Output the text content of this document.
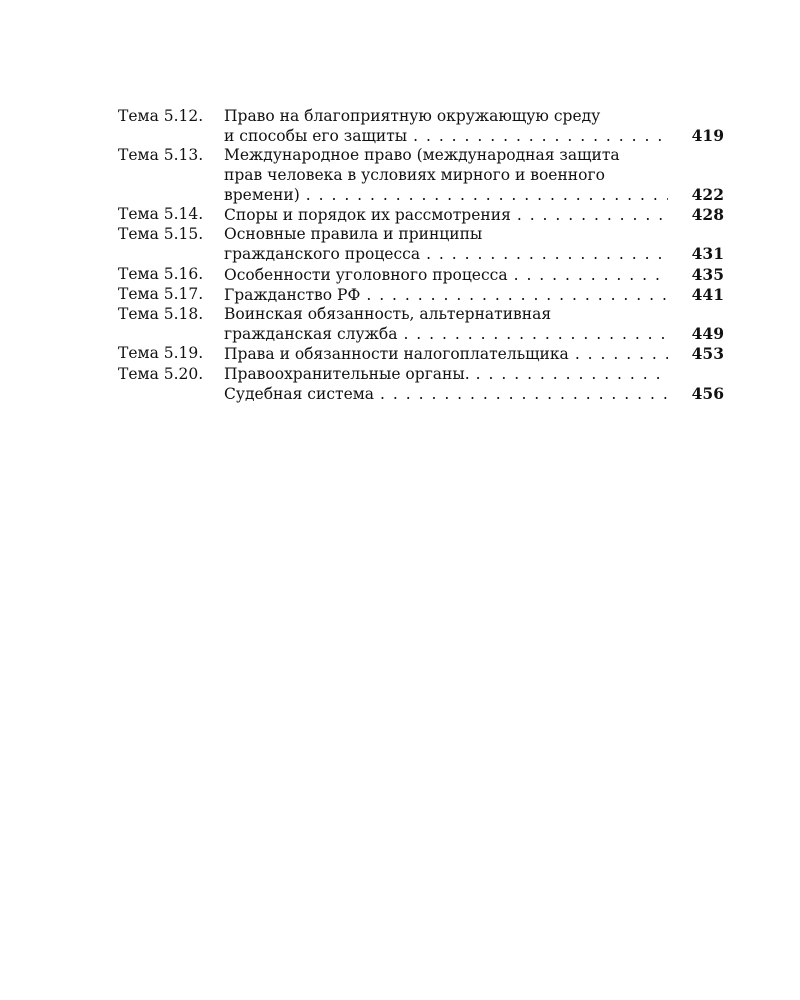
Тема 5.12.	Право на благоприятную окружающую среду
и способы его защиты . . .	419
Тема 5.13.	Международное право (международная защита
прав человека в условиях мирного и военного
времени) . . .	422
Тема 5.14.	Споры и порядок их рассмотрения . . .	428
Тема 5.15.	Основные правила и принципы
гражданского процесса . . .	431
Тема 5.16.	Особенности уголовного процесса . . .	435
Тема 5.17.	Гражданство РФ . . .	441
Тема 5.18.	Воинская обязанность, альтернативная
гражданская служба . . .	449
Тема 5.19.	Права и обязанности налогоплательщика . . .	453
Тема 5.20.	Правоохранительные органы.
. . .
Судебная система . . .	456
